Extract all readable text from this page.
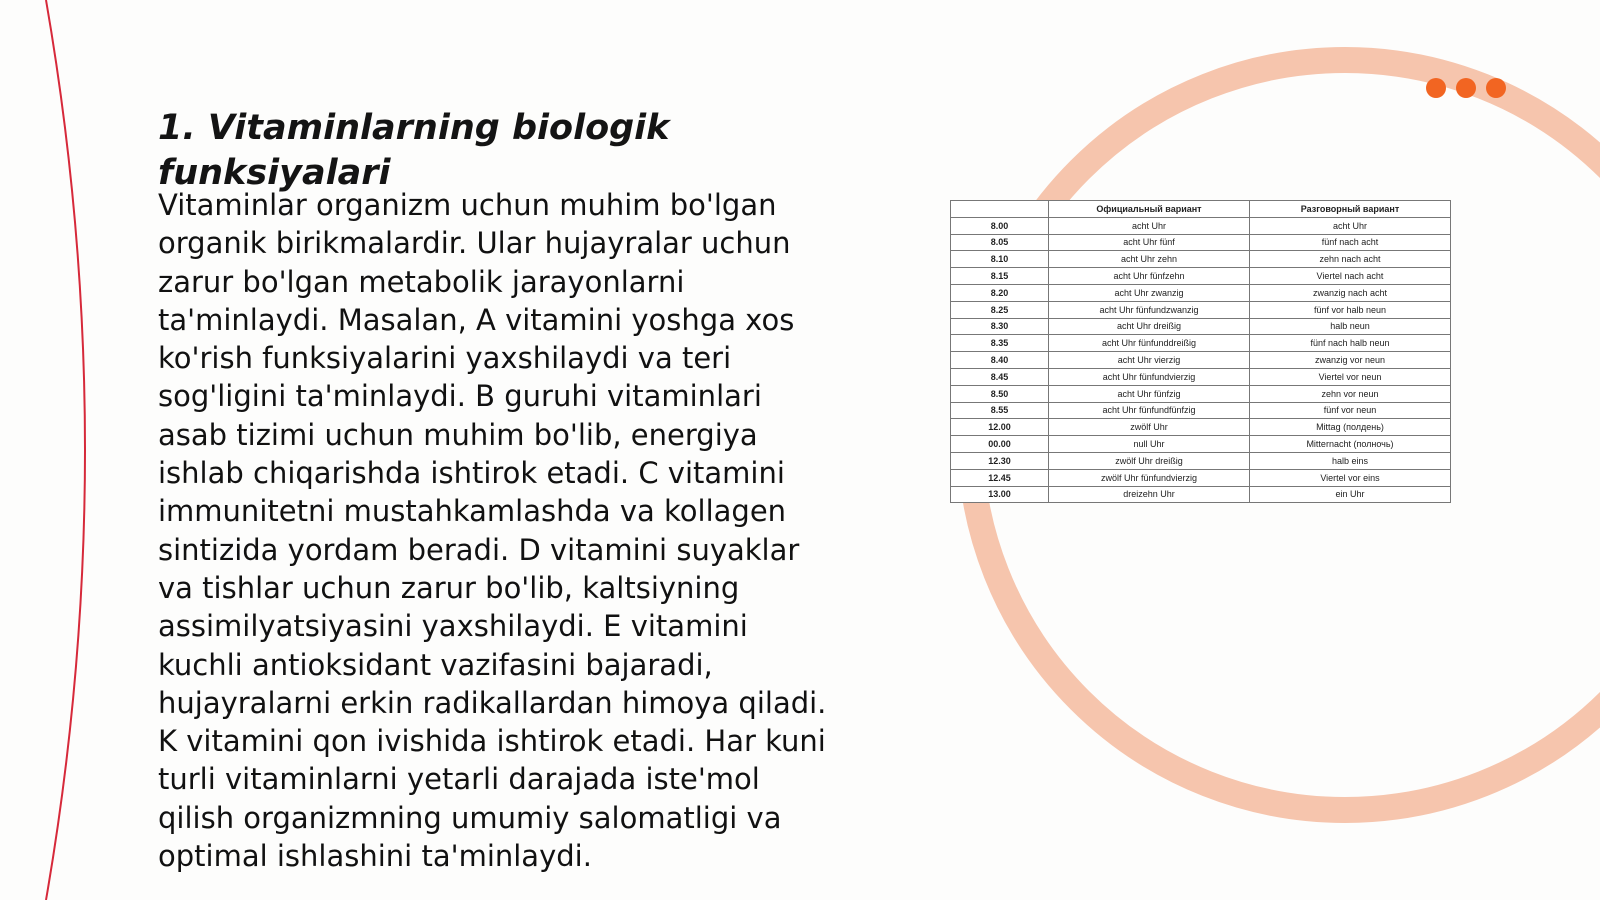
1. Vitaminlarning biologik funksiyalari

Vitaminlar organizm uchun muhim bo'lgan organik birikmalardir. Ular hujayralar uchun zarur bo'lgan metabolik jarayonlarni ta'minlaydi. Masalan, A vitamini yoshga xos ko'rish funksiyalarini yaxshilaydi va teri sog'ligini ta'minlaydi. B guruhi vitaminlari asab tizimi uchun muhim bo'lib, energiya ishlab chiqarishda ishtirok etadi. C vitamini immunitetni mustahkamlashda va kollagen sintizida yordam beradi. D vitamini suyaklar va tishlar uchun zarur bo'lib, kaltsiyning assimilyatsiyasini yaxshilaydi. E vitamini kuchli antioksidant vazifasini bajaradi, hujayralarni erkin radikallardan himoya qiladi. K vitamini qon ivishida ishtirok etadi. Har kuni turli vitaminlarni yetarli darajada iste'mol qilish organizmning umumiy salomatligi va optimal ishlashini ta'minlaydi.

	Официальный вариант	Разговорный вариант
8.00	acht Uhr	acht Uhr
8.05	acht Uhr fünf	fünf nach acht
8.10	acht Uhr zehn	zehn nach acht
8.15	acht Uhr fünfzehn	Viertel nach acht
8.20	acht Uhr zwanzig	zwanzig nach acht
8.25	acht Uhr fünfundzwanzig	fünf vor halb neun
8.30	acht Uhr dreißig	halb neun
8.35	acht Uhr fünfunddreißig	fünf nach halb neun
8.40	acht Uhr vierzig	zwanzig vor neun
8.45	acht Uhr fünfundvierzig	Viertel vor neun
8.50	acht Uhr fünfzig	zehn vor neun
8.55	acht Uhr fünfundfünfzig	fünf vor neun
12.00	zwölf Uhr	Mittag (полдень)
00.00	null Uhr	Mitternacht (полночь)
12.30	zwölf Uhr dreißig	halb eins
12.45	zwölf Uhr fünfundvierzig	Viertel vor eins
13.00	dreizehn Uhr	ein Uhr
